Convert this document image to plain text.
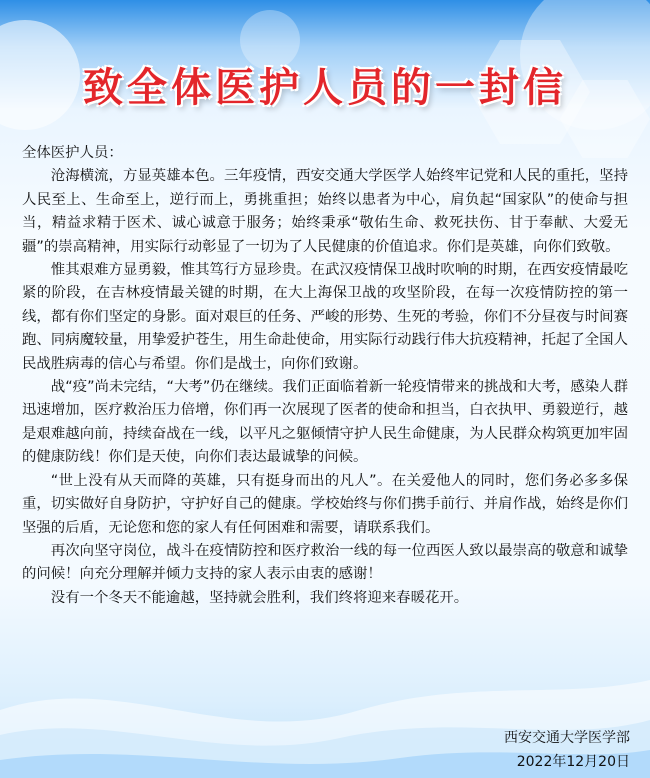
致全体医护人员的一封信

全体医护人员：

沧海横流，方显英雄本色。三年疫情，西安交通大学医学人始终牢记党和人民的重托，坚持人民至上、生命至上，逆行而上，勇挑重担；始终以患者为中心，肩负起“国家队”的使命与担当，精益求精于医术、诚心诚意于服务；始终秉承“敬佑生命、救死扶伤、甘于奉献、大爱无疆”的崇高精神，用实际行动彰显了一切为了人民健康的价值追求。你们是英雄，向你们致敬。

惟其艰难方显勇毅，惟其笃行方显珍贵。在武汉疫情保卫战时吹响的时期，在西安疫情最吃紧的阶段，在吉林疫情最关键的时期，在大上海保卫战的攻坚阶段，在每一次疫情防控的第一线，都有你们坚定的身影。面对艰巨的任务、严峻的形势、生死的考验，你们不分昼夜与时间赛跑、同病魔较量，用挚爱护苍生，用生命赴使命，用实际行动践行伟大抗疫精神，托起了全国人民战胜病毒的信心与希望。你们是战士，向你们致谢。

战“疫”尚未完结，“大考”仍在继续。我们正面临着新一轮疫情带来的挑战和大考，感染人群迅速增加，医疗救治压力倍增，你们再一次展现了医者的使命和担当，白衣执甲、勇毅逆行，越是艰难越向前，持续奋战在一线，以平凡之躯倾情守护人民生命健康，为人民群众构筑更加牢固的健康防线！你们是天使，向你们表达最诚挚的问候。

“世上没有从天而降的英雄，只有挺身而出的凡人”。在关爱他人的同时，您们务必多多保重，切实做好自身防护，守护好自己的健康。学校始终与你们携手前行、并肩作战，始终是你们坚强的后盾，无论您和您的家人有任何困难和需要，请联系我们。

再次向坚守岗位，战斗在疫情防控和医疗救治一线的每一位西医人致以最崇高的敬意和诚挚的问候！向充分理解并倾力支持的家人表示由衷的感谢！

没有一个冬天不能逾越，坚持就会胜利，我们终将迎来春暖花开。

西安交通大学医学部
2022年12月20日
